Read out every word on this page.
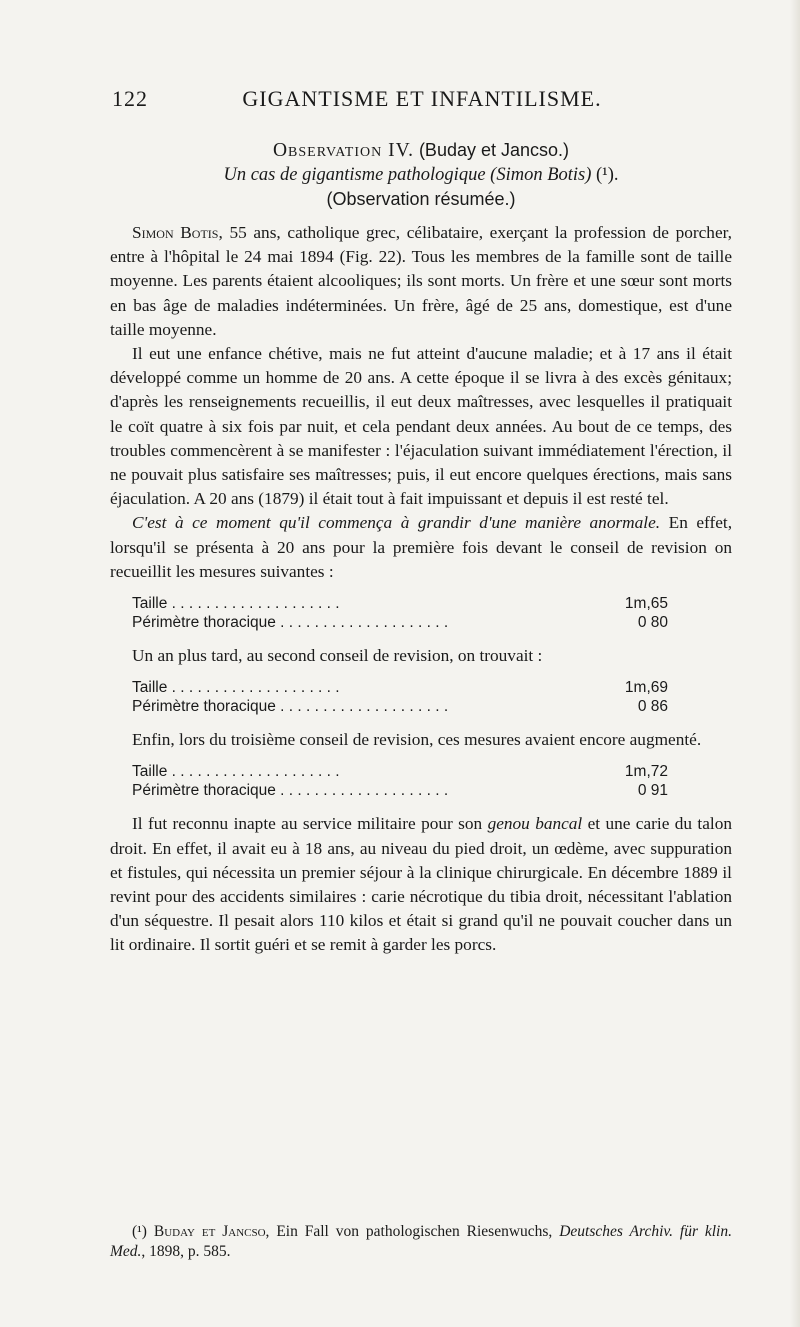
122	GIGANTISME ET INFANTILISME.
Observation IV. (Buday et Jancso.)
Un cas de gigantisme pathologique (Simon Botis) (¹).
(Observation résumée.)

Simon Botis, 55 ans, catholique grec, célibataire, exerçant la profession de porcher, entre à l'hôpital le 24 mai 1894 (Fig. 22). Tous les membres de la famille sont de taille moyenne. Les parents étaient alcooliques; ils sont morts. Un frère et une sœur sont morts en bas âge de maladies indéterminées. Un frère, âgé de 25 ans, domestique, est d'une taille moyenne.

Il eut une enfance chétive, mais ne fut atteint d'aucune maladie; et à 17 ans il était développé comme un homme de 20 ans. A cette époque il se livra à des excès génitaux; d'après les renseignements recueillis, il eut deux maîtresses, avec lesquelles il pratiquait le coït quatre à six fois par nuit, et cela pendant deux années. Au bout de ce temps, des troubles commencèrent à se manifester : l'éjaculation suivant immédiatement l'érection, il ne pouvait plus satisfaire ses maîtresses; puis, il eut encore quelques érections, mais sans éjaculation. A 20 ans (1879) il était tout à fait impuissant et depuis il est resté tel.

C'est à ce moment qu'il commença à grandir d'une manière anormale. En effet, lorsqu'il se présenta à 20 ans pour la première fois devant le conseil de revision on recueillit les mesures suivantes :

Taille . . .	1m,65
Périmètre thoracique . . .	0 80

Un an plus tard, au second conseil de revision, on trouvait :

Taille . . .	1m,69
Périmètre thoracique . . .	0 86

Enfin, lors du troisième conseil de revision, ces mesures avaient encore augmenté.

Taille . . .	1m,72
Périmètre thoracique . . .	0 91

Il fut reconnu inapte au service militaire pour son genou bancal et une carie du talon droit. En effet, il avait eu à 18 ans, au niveau du pied droit, un œdème, avec suppuration et fistules, qui nécessita un premier séjour à la clinique chirurgicale. En décembre 1889 il revint pour des accidents similaires : carie nécrotique du tibia droit, nécessitant l'ablation d'un séquestre. Il pesait alors 110 kilos et était si grand qu'il ne pouvait coucher dans un lit ordinaire. Il sortit guéri et se remit à garder les porcs.

(¹) Buday et Jancso, Ein Fall von pathologischen Riesenwuchs, Deutsches Archiv. für klin. Med., 1898, p. 585.
